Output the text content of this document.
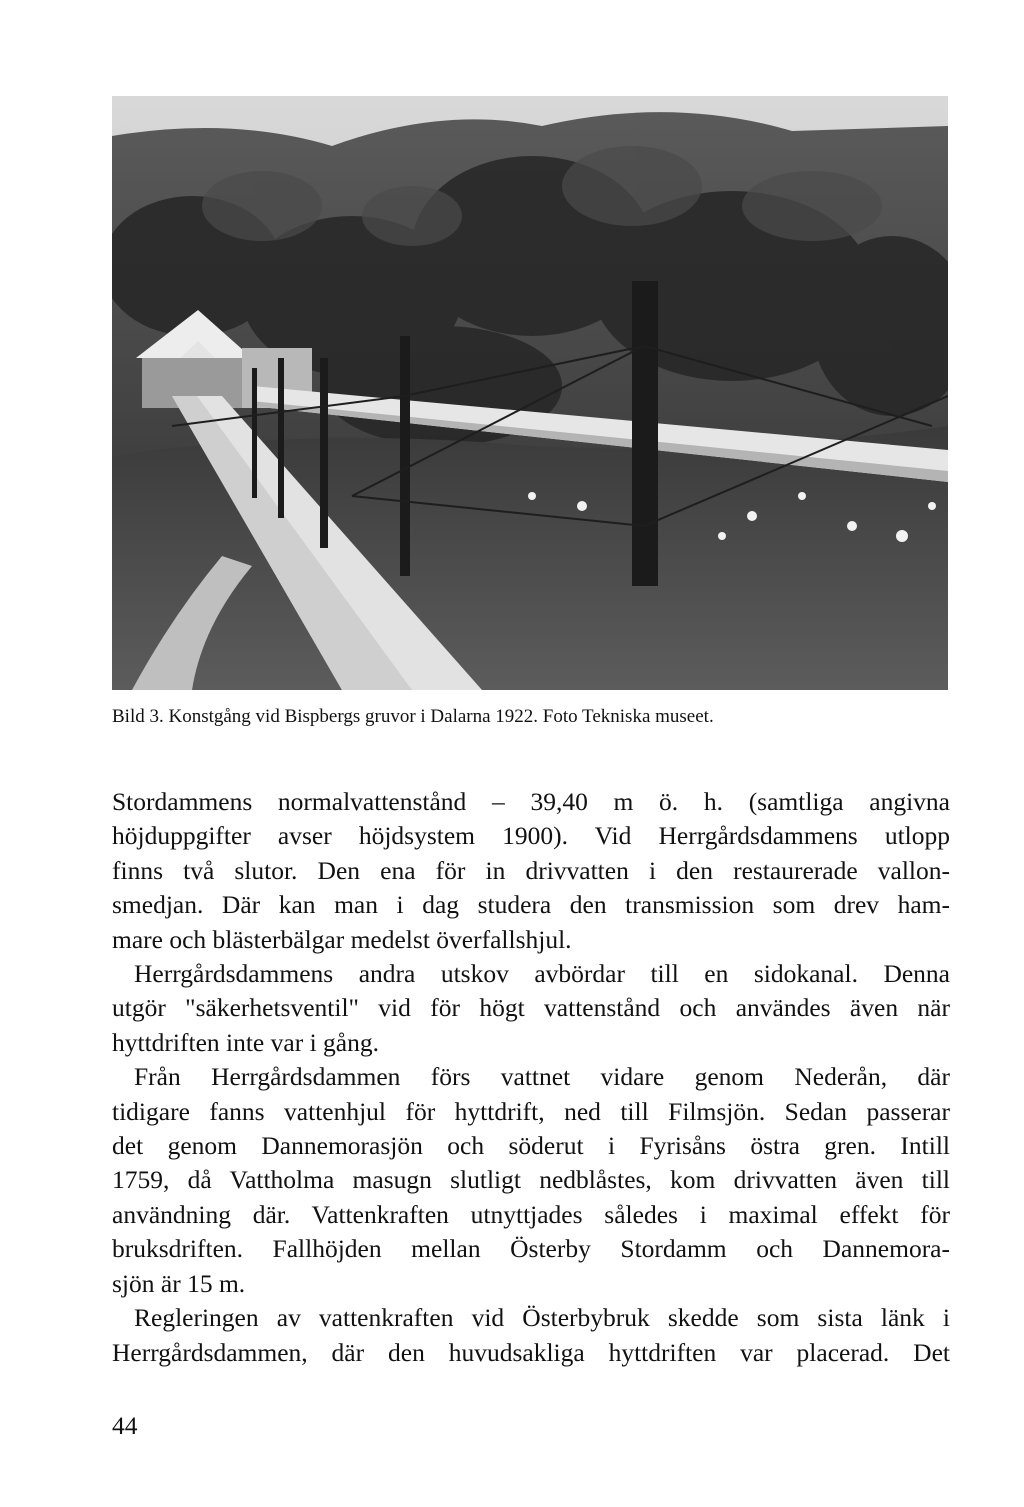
Bild 3. Konstgång vid Bispbergs gruvor i Dalarna 1922. Foto Tekniska museet.

Stordammens normalvattenstånd – 39,40 m ö. h. (samtliga angivna

höjduppgifter avser höjdsystem 1900). Vid Herrgårdsdammens utlopp

finns två slutor. Den ena för in drivvatten i den restaurerade vallon-

smedjan. Där kan man i dag studera den transmission som drev ham-

mare och blästerbälgar medelst överfallshjul.

Herrgårdsdammens andra utskov avbördar till en sidokanal. Denna

utgör "säkerhetsventil" vid för högt vattenstånd och användes även när

hyttdriften inte var i gång.

Från Herrgårdsdammen förs vattnet vidare genom Nederån, där

tidigare fanns vattenhjul för hyttdrift, ned till Filmsjön. Sedan passerar

det genom Dannemorasjön och söderut i Fyrisåns östra gren. Intill

1759, då Vattholma masugn slutligt nedblåstes, kom drivvatten även till

användning där. Vattenkraften utnyttjades således i maximal effekt för

bruksdriften. Fallhöjden mellan Österby Stordamm och Dannemora-

sjön är 15 m.

Regleringen av vattenkraften vid Österbybruk skedde som sista länk i

Herrgårdsdammen, där den huvudsakliga hyttdriften var placerad. Det

44
